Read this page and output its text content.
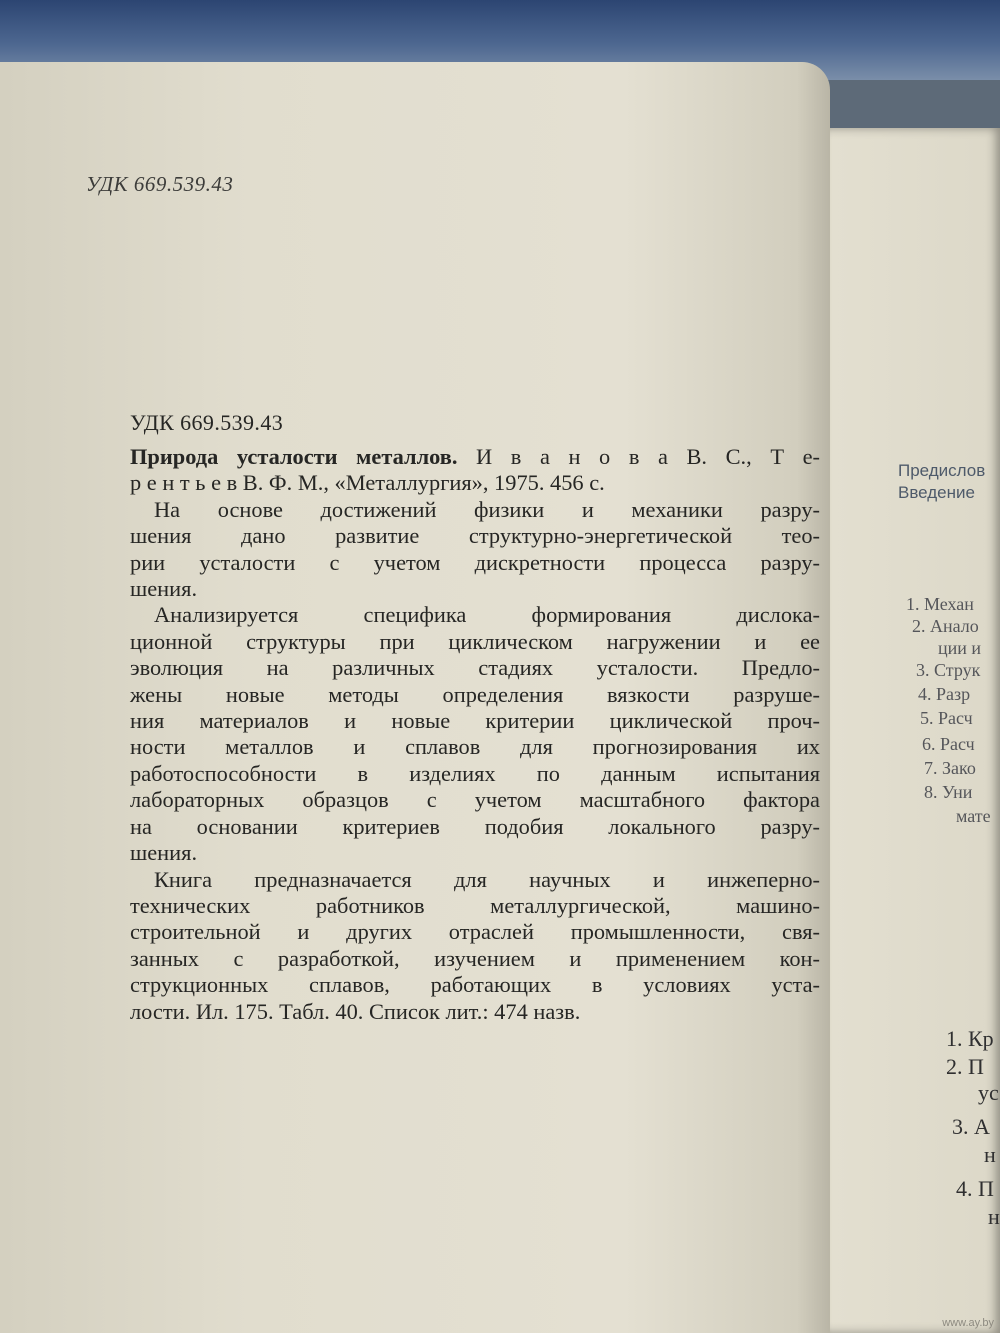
Предислов
Введение
1. Механ
2. Анало
ции и
3. Струк
4. Разр
5. Расч
6. Расч
7. Зако
8. Уни
мате
1. Кр
2. П
ус
3. А
н
4. П
н
УДК 669.539.43
УДК 669.539.43

Природа усталости металлов. И в а н о в а В. С., Т е-
р е н т ь е в В. Ф. М., «Металлургия», 1975. 456 с.

На основе достижений физики и механики разру-
шения дано развитие структурно-энергетической тео-
рии усталости с учетом дискретности процесса разру-
шения.

Анализируется специфика формирования дислока-
ционной структуры при циклическом нагружении и ее
эволюция на различных стадиях усталости. Предло-
жены новые методы определения вязкости разруше-
ния материалов и новые критерии циклической проч-
ности металлов и сплавов для прогнозирования их
работоспособности в изделиях по данным испытания
лабораторных образцов с учетом масштабного фактора
на основании критериев подобия локального разру-
шения.

Книга предназначается для научных и инжеперно-
технических работников металлургической, машино-
строительной и других отраслей промышленности, свя-
занных с разработкой, изучением и применением кон-
струкционных сплавов, работающих в условиях уста-
лости. Ил. 175. Табл. 40. Список лит.: 474 назв.

www.ay.by
